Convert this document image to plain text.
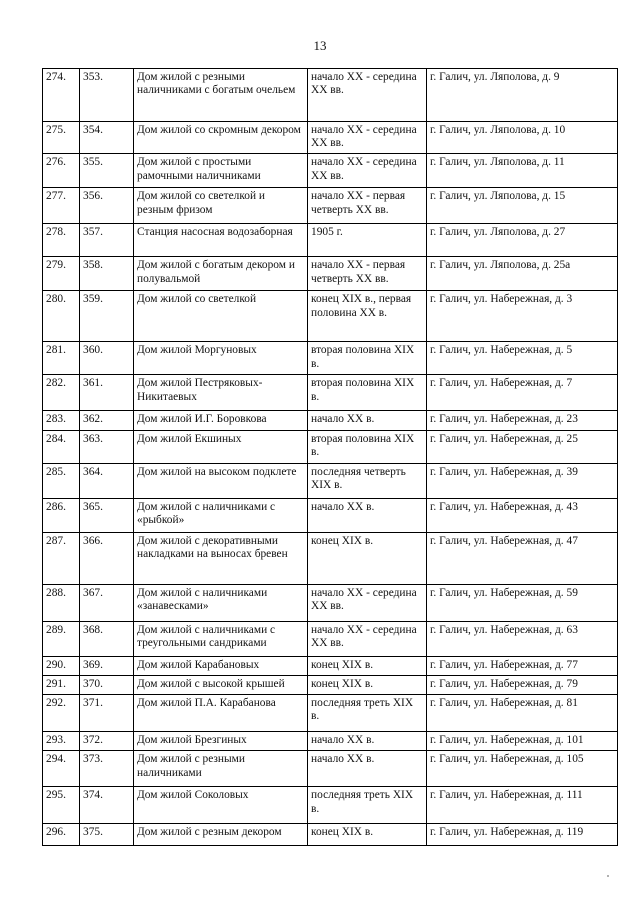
13
274.	353.	Дом жилой с резными наличниками с богатым очельем	начало XX - середина XX вв.	г. Галич, ул. Ляполова, д. 9
275.	354.	Дом жилой со скромным декором	начало XX - середина XX вв.	г. Галич, ул. Ляполова, д. 10
276.	355.	Дом жилой с простыми рамочными наличниками	начало XX - середина XX вв.	г. Галич, ул. Ляполова, д. 11
277.	356.	Дом жилой со светелкой и резным фризом	начало XX - первая четверть XX вв.	г. Галич, ул. Ляполова, д. 15
278.	357.	Станция насосная водозаборная	1905 г.	г. Галич, ул. Ляполова, д. 27
279.	358.	Дом жилой с богатым декором и полувальмой	начало XX - первая четверть XX вв.	г. Галич, ул. Ляполова, д. 25а
280.	359.	Дом жилой со светелкой	конец XIX в., первая половина XX в.	г. Галич, ул. Набережная, д. 3
281.	360.	Дом жилой Моргуновых	вторая половина XIX в.	г. Галич, ул. Набережная, д. 5
282.	361.	Дом жилой Пестряковых-Никитаевых	вторая половина XIX в.	г. Галич, ул. Набережная, д. 7
283.	362.	Дом жилой И.Г. Боровкова	начало XX в.	г. Галич, ул. Набережная, д. 23
284.	363.	Дом жилой Екшиных	вторая половина XIX в.	г. Галич, ул. Набережная, д. 25
285.	364.	Дом жилой на высоком подклете	последняя четверть XIX в.	г. Галич, ул. Набережная, д. 39
286.	365.	Дом жилой с наличниками с «рыбкой»	начало XX в.	г. Галич, ул. Набережная, д. 43
287.	366.	Дом жилой с декоративными накладками на выносах бревен	конец XIX в.	г. Галич, ул. Набережная, д. 47
288.	367.	Дом жилой с наличниками «занавесками»	начало XX - середина XX вв.	г. Галич, ул. Набережная, д. 59
289.	368.	Дом жилой с наличниками с треугольными сандриками	начало XX - середина XX вв.	г. Галич, ул. Набережная, д. 63
290.	369.	Дом жилой Карабановых	конец XIX в.	г. Галич, ул. Набережная, д. 77
291.	370.	Дом жилой с высокой крышей	конец XIX в.	г. Галич, ул. Набережная, д. 79
292.	371.	Дом жилой П.А. Карабанова	последняя треть XIX в.	г. Галич, ул. Набережная, д. 81
293.	372.	Дом жилой Брезгиных	начало XX в.	г. Галич, ул. Набережная, д. 101
294.	373.	Дом жилой с резными наличниками	начало XX в.	г. Галич, ул. Набережная, д. 105
295.	374.	Дом жилой Соколовых	последняя треть XIX в.	г. Галич, ул. Набережная, д. 111
296.	375.	Дом жилой с резным декором	конец XIX в.	г. Галич, ул. Набережная, д. 119
